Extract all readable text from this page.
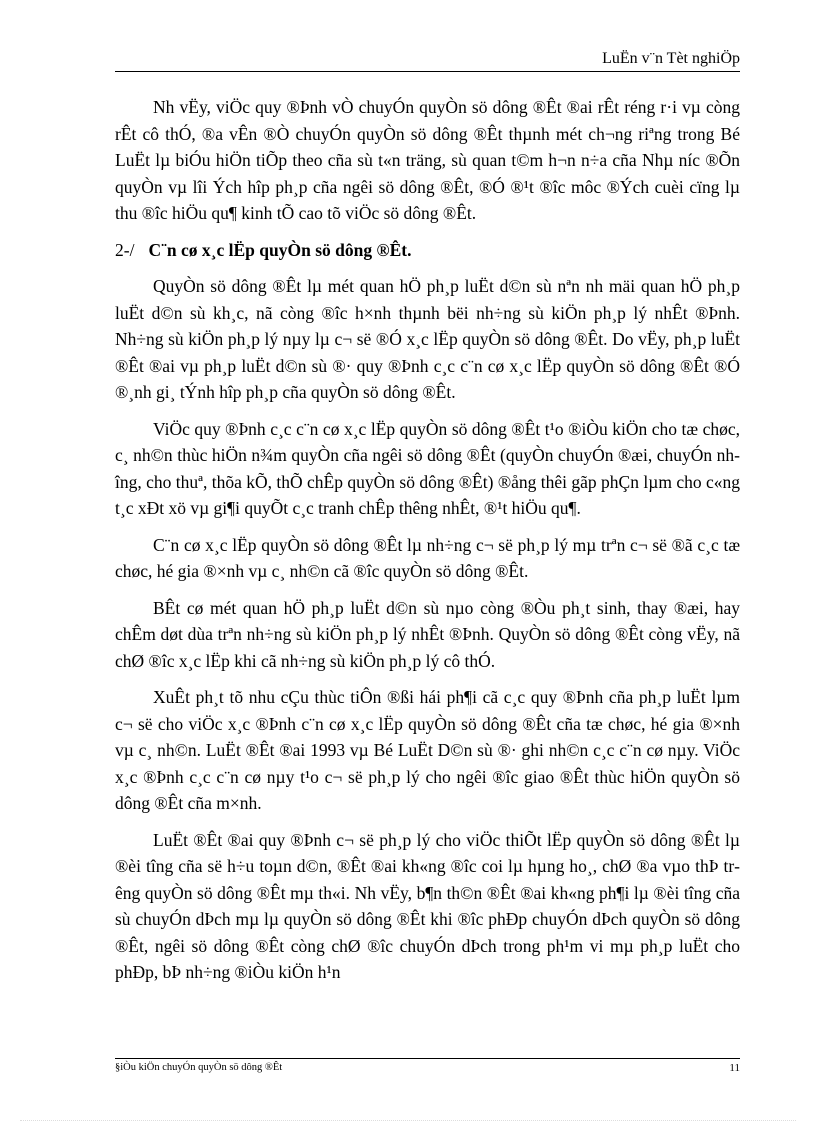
LuËn v¨n Tèt nghiÖp

Nh vËy, viÖc quy ®Þnh vÒ chuyÓn quyÒn sö dông ®Êt ®ai rÊt réng r·i vµ còng rÊt cô thÓ, ®a vÊn ®Ò chuyÓn quyÒn sö dông ®Êt thµnh mét ch¬ng riªng trong Bé LuËt lµ biÓu hiÖn tiÕp theo cña sù t«n träng, sù quan t©m h¬n n÷a cña Nhµ níc ®Õn quyÒn vµ lîi Ých hîp ph¸p cña ngêi sö dông ®Êt, ®Ó ®¹t ®îc môc ®Ých cuèi cïng lµ thu ®îc hiÖu qu¶ kinh tÕ cao tõ viÖc sö dông ®Êt.

2-/ C¨n cø x¸c lËp quyÒn sö dông ®Êt.

QuyÒn sö dông ®Êt lµ mét quan hÖ ph¸p luËt d©n sù nªn nh mäi quan hÖ ph¸p luËt d©n sù kh¸c, nã còng ®îc h×nh thµnh bëi nh÷ng sù kiÖn ph¸p lý nhÊt ®Þnh. Nh÷ng sù kiÖn ph¸p lý nµy lµ c¬ së ®Ó x¸c lËp quyÒn sö dông ®Êt. Do vËy, ph¸p luËt ®Êt ®ai vµ ph¸p luËt d©n sù ®· quy ®Þnh c¸c c¨n cø x¸c lËp quyÒn sö dông ®Êt ®Ó ®¸nh gi¸ tÝnh hîp ph¸p cña quyÒn sö dông ®Êt.

ViÖc quy ®Þnh c¸c c¨n cø x¸c lËp quyÒn sö dông ®Êt t¹o ®iÒu kiÖn cho tæ chøc, c¸ nh©n thùc hiÖn n¾m quyÒn cña ngêi sö dông ®Êt (quyÒn chuyÓn ®æi, chuyÓn nhîng, cho thuª, thõa kÕ, thÕ chÊp quyÒn sö dông ®Êt) ®ång thêi gãp phÇn lµm cho c«ng t¸c xÐt xö vµ gi¶i quyÕt c¸c tranh chÊp thêng nhÊt, ®¹t hiÖu qu¶.

C¨n cø x¸c lËp quyÒn sö dông ®Êt lµ nh÷ng c¬ së ph¸p lý mµ trªn c¬ së ®ã c¸c tæ chøc, hé gia ®×nh vµ c¸ nh©n cã ®îc quyÒn sö dông ®Êt.

BÊt cø mét quan hÖ ph¸p luËt d©n sù nµo còng ®Òu ph¸t sinh, thay ®æi, hay chÊm døt dùa trªn nh÷ng sù kiÖn ph¸p lý nhÊt ®Þnh. QuyÒn sö dông ®Êt còng vËy, nã chØ ®îc x¸c lËp khi cã nh÷ng sù kiÖn ph¸p lý cô thÓ.

XuÊt ph¸t tõ nhu cÇu thùc tiÔn ®ßi hái ph¶i cã c¸c quy ®Þnh cña ph¸p luËt lµm c¬ së cho viÖc x¸c ®Þnh c¨n cø x¸c lËp quyÒn sö dông ®Êt cña tæ chøc, hé gia ®×nh vµ c¸ nh©n. LuËt ®Êt ®ai 1993 vµ Bé LuËt D©n sù ®· ghi nh©n c¸c c¨n cø nµy. ViÖc x¸c ®Þnh c¸c c¨n cø nµy t¹o c¬ së ph¸p lý cho ngêi ®îc giao ®Êt thùc hiÖn quyÒn sö dông ®Êt cña m×nh.

LuËt ®Êt ®ai quy ®Þnh c¬ së ph¸p lý cho viÖc thiÕt lËp quyÒn sö dông ®Êt lµ ®èi tîng cña së h÷u toµn d©n, ®Êt ®ai kh«ng ®îc coi lµ hµng ho¸, chØ ®a vµo thÞ trêng quyÒn sö dông ®Êt mµ th«i. Nh vËy, b¶n th©n ®Êt ®ai kh«ng ph¶i lµ ®èi tîng cña sù chuyÓn dÞch mµ lµ quyÒn sö dông ®Êt khi ®îc phÐp chuyÓn dÞch quyÒn sö dông ®Êt, ngêi sö dông ®Êt còng chØ ®îc chuyÓn dÞch trong ph¹m vi mµ ph¸p luËt cho phÐp, bÞ nh÷ng ®iÒu kiÖn h¹n

§iÒu kiÖn chuyÓn quyÒn sö dông ®Êt	11
